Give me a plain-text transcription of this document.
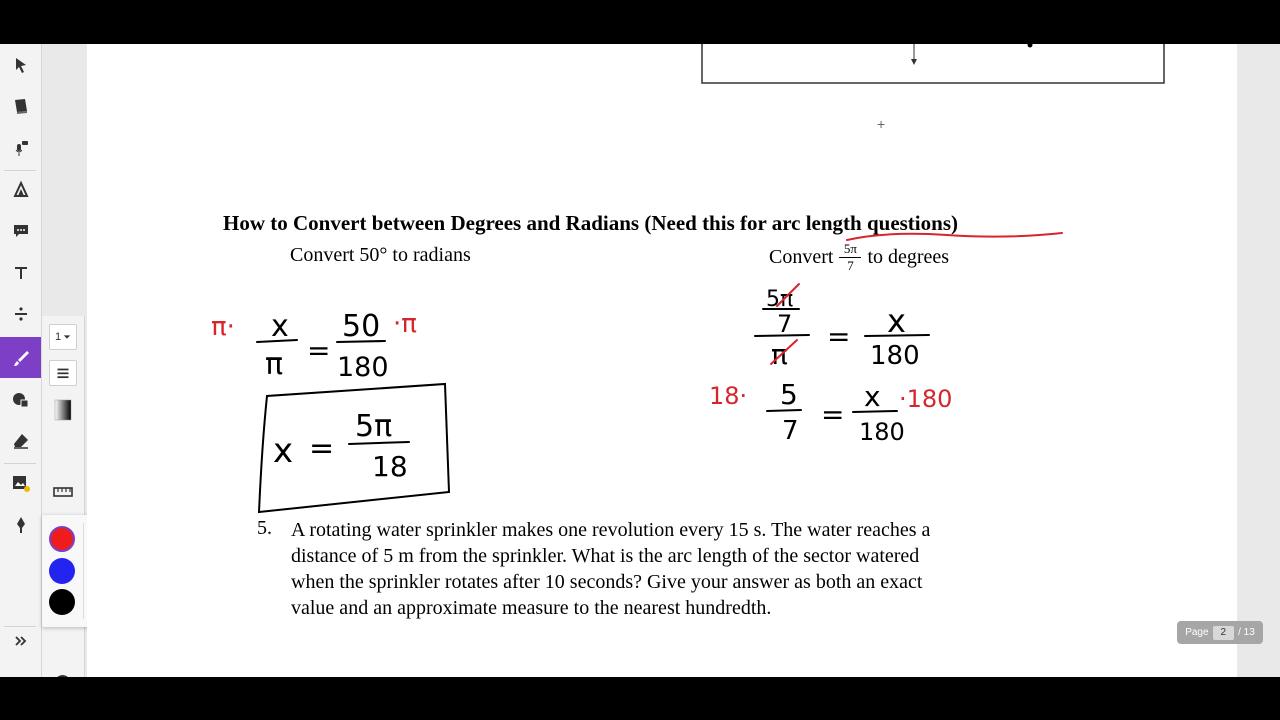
1
+
How to Convert between Degrees and Radians (Need this for arc length questions)
Convert 50° to radians	Convert $\frac{5\pi}{7}$ to degrees
5. A rotating water sprinkler makes one revolution every 15 s. The water reaches a
distance of 5 m from the sprinkler. What is the arc length of the sector watered
when the sprinkler rotates after 10 seconds? Give your answer as both an exact
value and an approximate measure to the nearest hundredth.
π· x
π =
50
180
·π
x =
5π
18
5π
7
π
= x
180
18· 5
7 =
x
180
·180
Page	2	/ 13
